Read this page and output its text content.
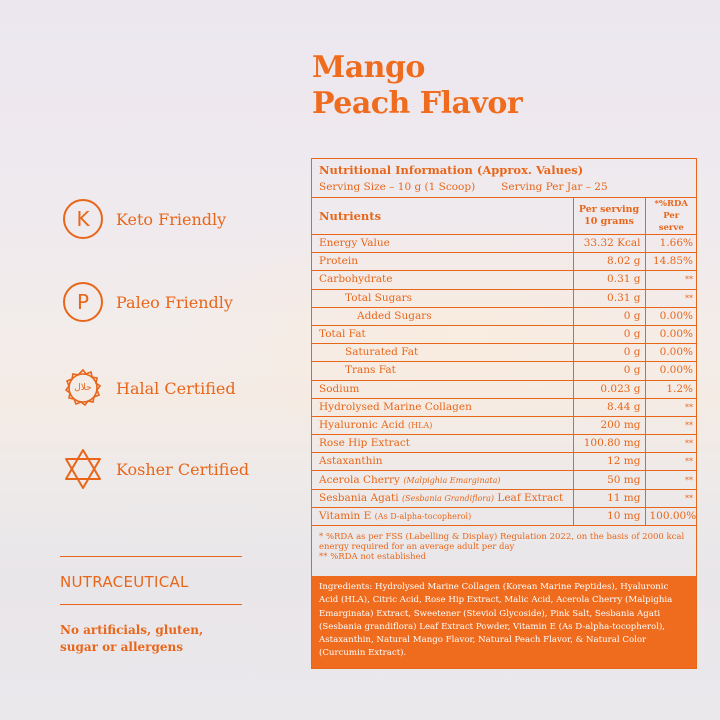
Mango
Peach Flavor
K	Keto Friendly
P	Paleo Friendly
حلال	Halal Certified
Kosher Certified
NUTRACEUTICAL
No artificials, gluten, sugar or allergens
Nutritional Information (Approx. Values)
Serving Size – 10 g (1 Scoop) Serving Per Jar – 25
Nutrients	Per serving 10 grams	*%RDA Per serve
Energy Value	33.32 Kcal	1.66%
Protein	8.02 g	14.85%
Carbohydrate	0.31 g	**
Total Sugars	0.31 g	**
Added Sugars	0 g	0.00%
Total Fat	0 g	0.00%
Saturated Fat	0 g	0.00%
Trans Fat	0 g	0.00%
Sodium	0.023 g	1.2%
Hydrolysed Marine Collagen	8.44 g	**
Hyaluronic Acid (HLA)	200 mg	**
Rose Hip Extract	100.80 mg	**
Astaxanthin	12 mg	**
Acerola Cherry (Malpighia Emarginata)	50 mg	**
Sesbania Agati (Sesbania Grandiflora) Leaf Extract	11 mg	**
Vitamin E (As D-alpha-tocopherol)	10 mg	100.00%
* %RDA as per FSS (Labelling & Display) Regulation 2022, on the basis of 2000 kcal energy required for an average adult per day
** %RDA not established
Ingredients: Hydrolysed Marine Collagen (Korean Marine Peptides), Hyaluronic Acid (HLA), Citric Acid, Rose Hip Extract, Malic Acid, Acerola Cherry (Malpighia Emarginata) Extract, Sweetener (Steviol Glycoside), Pink Salt, Sesbania Agati (Sesbania grandiflora) Leaf Extract Powder, Vitamin E (As D-alpha-tocopherol), Astaxanthin, Natural Mango Flavor, Natural Peach Flavor, & Natural Color (Curcumin Extract).
